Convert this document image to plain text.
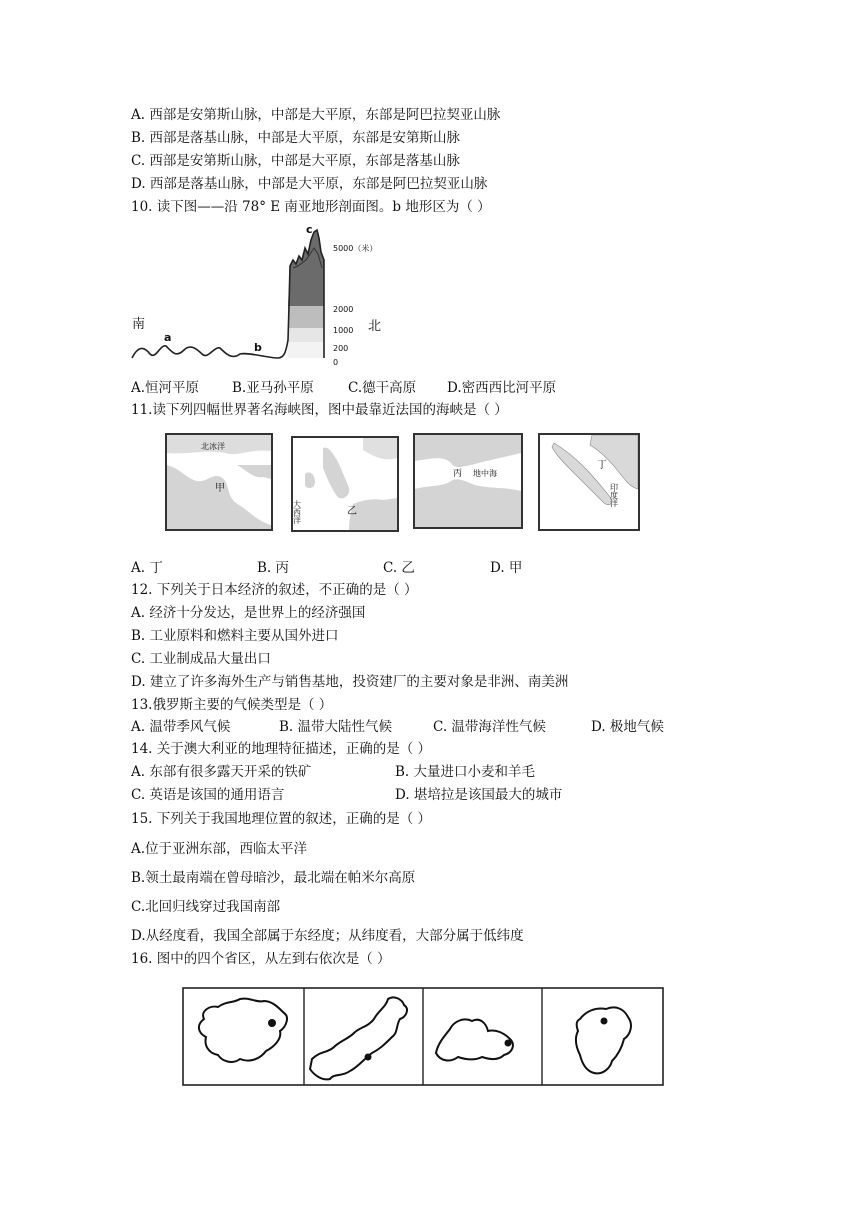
A. 西部是安第斯山脉，中部是大平原，东部是阿巴拉契亚山脉
B. 西部是落基山脉，中部是大平原，东部是安第斯山脉
C. 西部是安第斯山脉，中部是大平原，东部是落基山脉
D. 西部是落基山脉，中部是大平原，东部是阿巴拉契亚山脉
10. 读下图——沿 78° E 南亚地形剖面图。b 地形区为（ ）
南	北
a
b
c
5000（米）
2000
1000
200
0
A.恒河平原 B.亚马孙平原	C.德干高原 D.密西西比河平原
11.读下列四幅世界著名海峡图，图中最靠近法国的海峡是（ ）
北冰洋
甲
大西洋	乙
丙 地中海
丁
印度洋
A. 丁	B. 丙	C. 乙	D. 甲
12. 下列关于日本经济的叙述，不正确的是（ ）
A. 经济十分发达，是世界上的经济强国
B. 工业原料和燃料主要从国外进口
C. 工业制成品大量出口
D. 建立了许多海外生产与销售基地，投资建厂的主要对象是非洲、南美洲
13.俄罗斯主要的气候类型是（ ）
A. 温带季风气候	B. 温带大陆性气候	C. 温带海洋性气候	D. 极地气候
14. 关于澳大利亚的地理特征描述，正确的是（ ）
A. 东部有很多露天开采的铁矿	B. 大量进口小麦和羊毛
C. 英语是该国的通用语言	D. 堪培拉是该国最大的城市
15. 下列关于我国地理位置的叙述，正确的是（ ）
A.位于亚洲东部，西临太平洋
B.领土最南端在曾母暗沙，最北端在帕米尔高原
C.北回归线穿过我国南部
D.从经度看，我国全部属于东经度；从纬度看，大部分属于低纬度
16. 图中的四个省区，从左到右依次是（ ）
